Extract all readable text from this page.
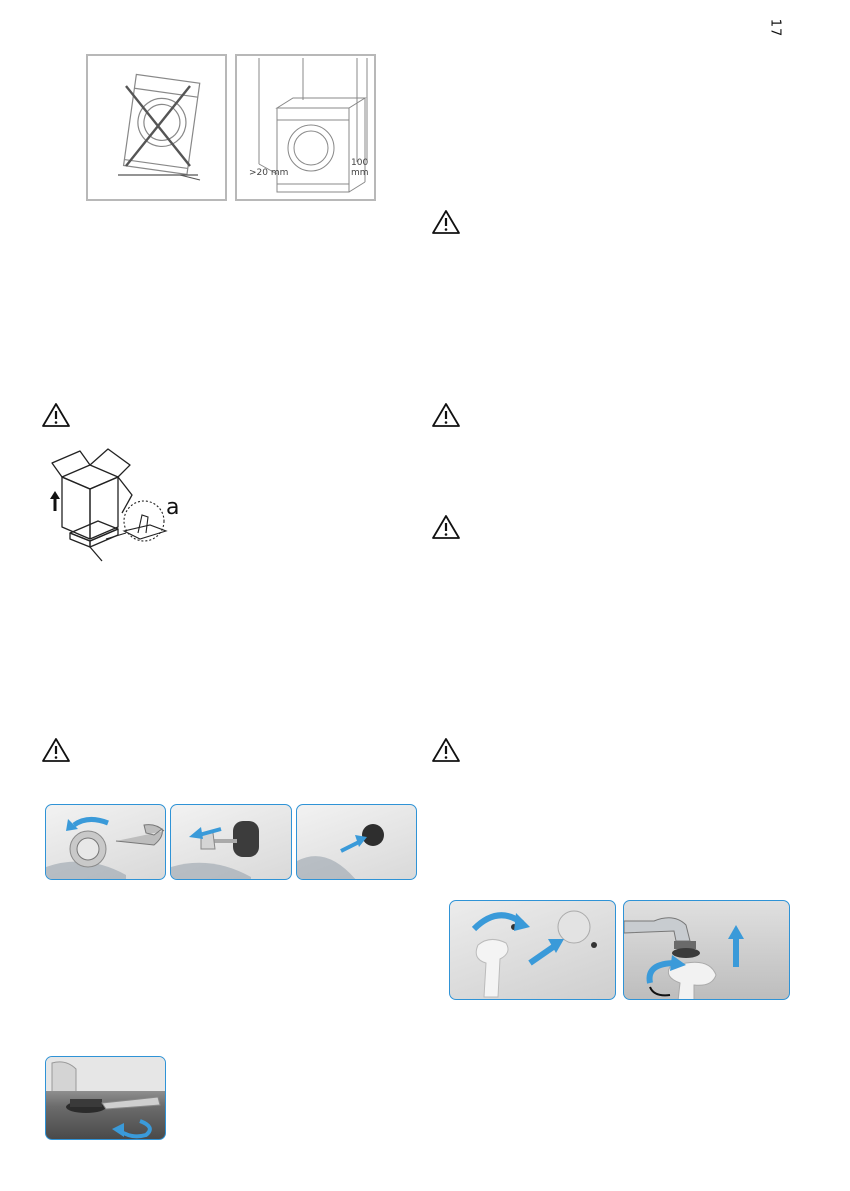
17
>20 mm
100 mm
a
